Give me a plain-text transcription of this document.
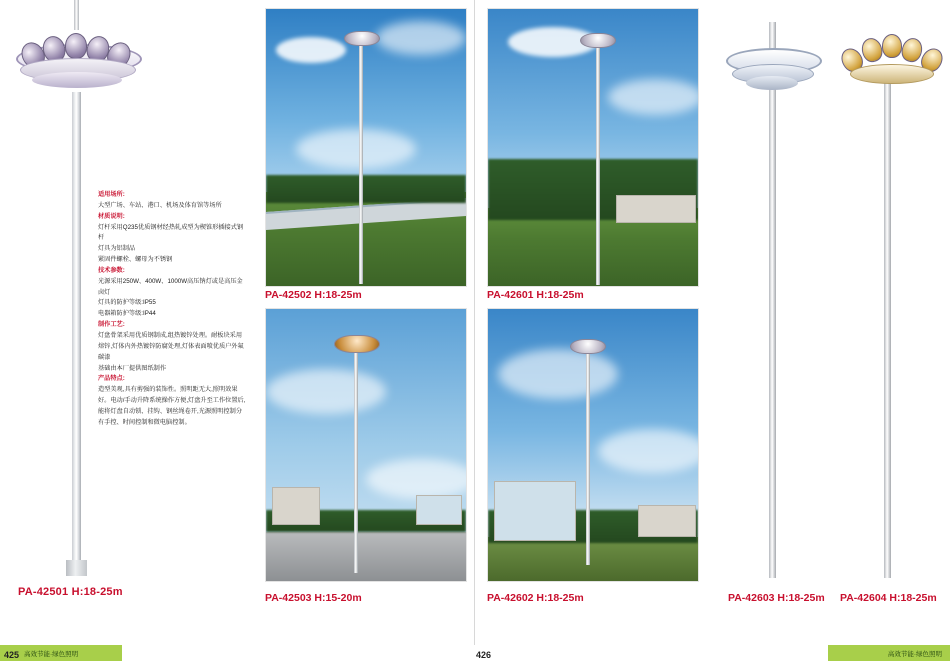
适用场所:
大型广场、车站、港口、机场及体育馆等场所
材质说明:
灯杆采用Q235优质钢材经热轧成型为楔锥形插接式钢杆
灯具为铝制品
紧固件螺栓、螺母为不锈钢
技术参数:
光源采用250W、400W、1000W高压钠灯或是高压金卤灯
灯具的防护等级:IP55
电器箱防护等级:IP44
制作工艺:
灯盘骨架采用优质钢制成,组热镀锌处理。耐板块采用熔锌,灯体内外热镀锌防腐处理,灯体表面喷优质户外氟碳漆
基础由本厂提供图纸制作
产品特点:
造型美观,具有剪强的装饰性。照明距无大,照明效果好。电动/手动升降系统操作方便,灯盘升至工作位置后,能将灯盘自动锁、挂钩、钢丝绳卷开,光源照明控制分有手控、时间控制和微电脑控制。
PA-42501 H:18-25m
PA-42502 H:18-25m
PA-42503 H:15-20m
PA-42601 H:18-25m
PA-42602 H:18-25m	PA-42603 H:18-25m PA-42604 H:18-25m
425 高效节能·绿色照明	426	高效节能·绿色照明
